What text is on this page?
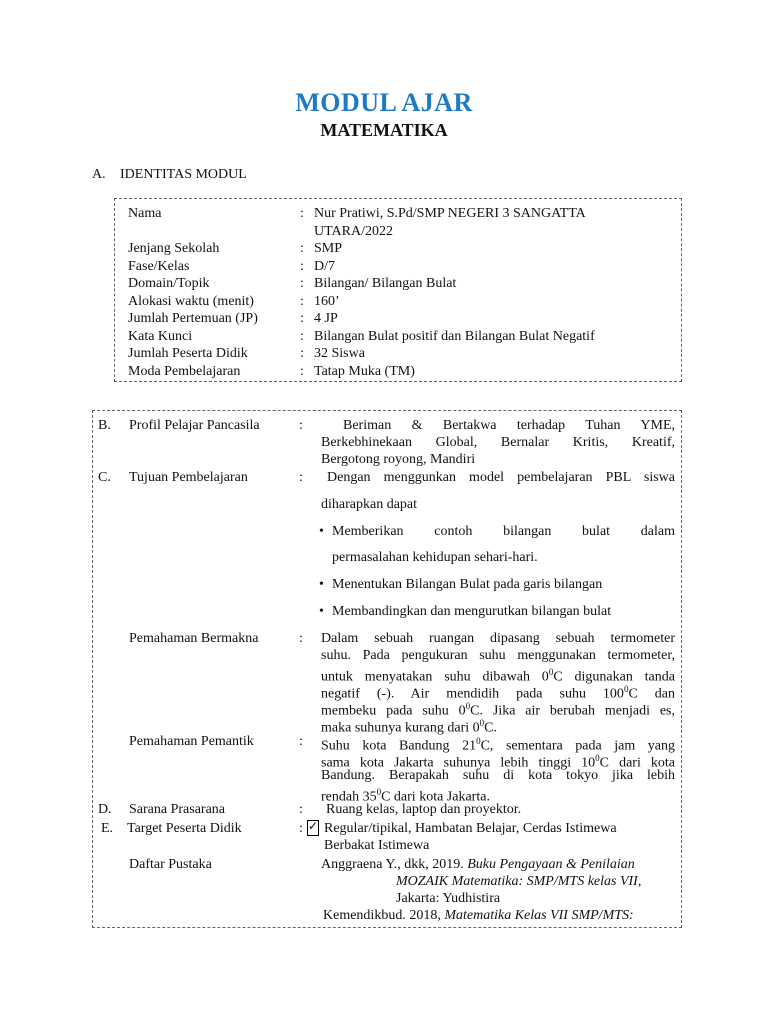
MODUL AJAR
MATEMATIKA
A. IDENTITAS MODUL
Nama	: Nur Pratiwi, S.Pd/SMP NEGERI 3 SANGATTA
UTARA/2022
Jenjang Sekolah	: SMP
Fase/Kelas	: D/7
Domain/Topik	: Bilangan/ Bilangan Bulat
Alokasi waktu (menit)	: 160’
Jumlah Pertemuan (JP)	: 4 JP
Kata Kunci	: Bilangan Bulat positif dan Bilangan Bulat Negatif
Jumlah Peserta Didik	: 32 Siswa
Moda Pembelajaran	: Tatap Muka (TM)
B. Profil Pelajar Pancasila	:	Beriman & Bertakwa terhadap Tuhan YME,
Berkebhinekaan Global, Bernalar Kritis, Kreatif,
Bergotong royong, Mandiri
C. Tujuan Pembelajaran	: Dengan menggunkan model pembelajaran PBL siswa
diharapkan dapat
• Memberikan contoh bilangan bulat dalam
permasalahan kehidupan sehari-hari.
• Menentukan Bilangan Bulat pada garis bilangan
• Membandingkan dan mengurutkan bilangan bulat
Pemahaman Bermakna	: Dalam sebuah ruangan dipasang sebuah termometer
suhu. Pada pengukuran suhu menggunakan termometer,
untuk menyatakan suhu dibawah $0^0C$ digunakan tanda
negatif (-). Air mendidih pada suhu $100^0C$ dan
membeku pada suhu $0^0C$. Jika air berubah menjadi es,
maka suhunya kurang dari $0^0C$.
Pemahaman Pemantik	: Suhu kota Bandung $21^0C$, sementara pada jam yang
sama kota Jakarta suhunya lebih tinggi $10^0C$ dari kota
Bandung. Berapakah suhu di kota tokyo jika lebih
rendah $35^0C$ dari kota Jakarta.
D. Sarana Prasarana	: Ruang kelas, laptop dan proyektor.
E. Target Peserta Didik	: ✓ Regular/tipikal, Hambatan Belajar, Cerdas Istimewa
Berbakat Istimewa
Daftar Pustaka	Anggraena Y., dkk, 2019. Buku Pengayaan & Penilaian
MOZAIK Matematika: SMP/MTS kelas VII,
Jakarta: Yudhistira
Kemendikbud. 2018, Matematika Kelas VII SMP/MTS:
